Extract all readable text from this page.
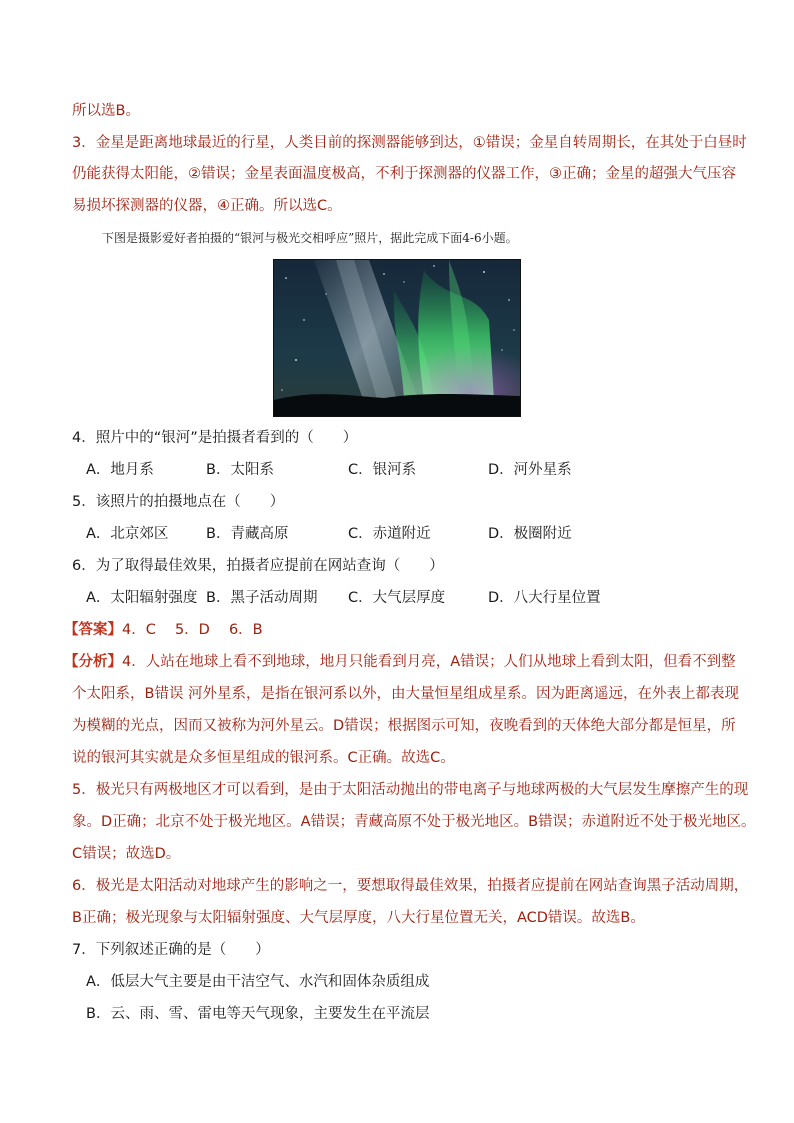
所以选B。
3．金星是距离地球最近的行星，人类目前的探测器能够到达，①错误；金星自转周期长，在其处于白昼时
仍能获得太阳能，②错误；金星表面温度极高，不利于探测器的仪器工作，③正确；金星的超强大气压容
易损坏探测器的仪器，④正确。所以选C。
下图是摄影爱好者拍摄的“银河与极光交相呼应”照片，据此完成下面4-6小题。
4．照片中的“银河”是拍摄者看到的（　　）
A．地月系	B．太阳系	C．银河系	D．河外星系
5．该照片的拍摄地点在（　　）
A．北京郊区	B．青藏高原	C．赤道附近	D．极圈附近
6．为了取得最佳效果，拍摄者应提前在网站查询（　　）
A．太阳辐射强度 B．黑子活动周期 C．大气层厚度	D．八大行星位置
【答案】4．C　 5．D　 6．B
【分析】4．人站在地球上看不到地球，地月只能看到月亮，A错误；人们从地球上看到太阳，但看不到整
个太阳系，B错误 河外星系，是指在银河系以外，由大量恒星组成星系。因为距离遥远，在外表上都表现
为模糊的光点，因而又被称为河外星云。D错误；根据图示可知，夜晚看到的天体绝大部分都是恒星，所
说的银河其实就是众多恒星组成的银河系。C正确。故选C。
5．极光只有两极地区才可以看到，是由于太阳活动抛出的带电离子与地球两极的大气层发生摩擦产生的现
象。D正确；北京不处于极光地区。A错误；青藏高原不处于极光地区。B错误；赤道附近不处于极光地区。
C错误；故选D。
6．极光是太阳活动对地球产生的影响之一，要想取得最佳效果，拍摄者应提前在网站查询黑子活动周期，
B正确；极光现象与太阳辐射强度、大气层厚度，八大行星位置无关，ACD错误。故选B。
7．下列叙述正确的是（　　）
A．低层大气主要是由干洁空气、水汽和固体杂质组成
B．云、雨、雪、雷电等天气现象，主要发生在平流层
